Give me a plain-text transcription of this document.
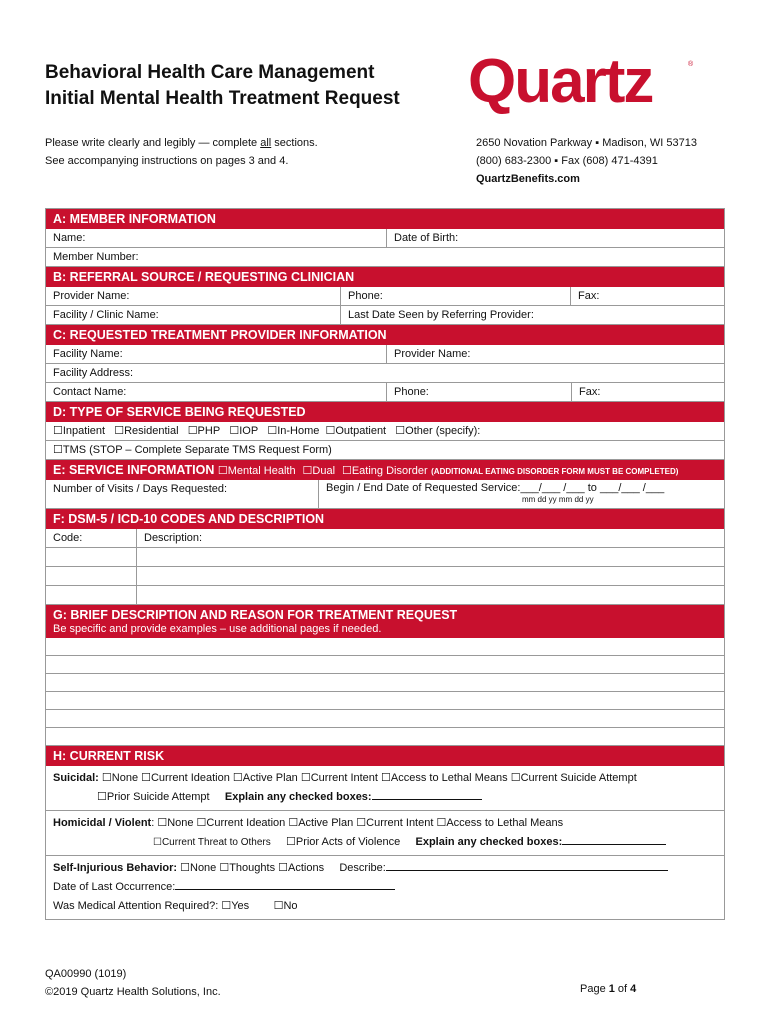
Behavioral Health Care Management
Initial Mental Health Treatment Request Quartz	®
Please write clearly and legibly — complete all sections.
See accompanying instructions on pages 3 and 4.
2650 Novation Parkway ▪ Madison, WI 53713
(800) 683-2300 ▪ Fax (608) 471-4391
QuartzBenefits.com
A: MEMBER INFORMATION
Name:	Date of Birth:
Member Number:
B: REFERRAL SOURCE / REQUESTING CLINICIAN
Provider Name:	Phone:	Fax:
Facility / Clinic Name:	Last Date Seen by Referring Provider:
C: REQUESTED TREATMENT PROVIDER INFORMATION
Facility Name:	Provider Name:
Facility Address:
Contact Name:	Phone:	Fax:
D: TYPE OF SERVICE BEING REQUESTED
☐Inpatient ☐Residential ☐PHP ☐IOP ☐In-Home ☐Outpatient ☐Other (specify):
☐TMS (STOP – Complete Separate TMS Request Form)
E: SERVICE INFORMATION ☐Mental Health ☐Dual ☐Eating Disorder (ADDITIONAL EATING DISORDER FORM MUST BE COMPLETED)
Number of Visits / Days Requested:	Begin / End Date of Requested Service:___/___ /___ to ___/___ /___
mm dd yy mm dd yy
F: DSM-5 / ICD-10 CODES AND DESCRIPTION
Code:	Description:
G: BRIEF DESCRIPTION AND REASON FOR TREATMENT REQUEST
Be specific and provide examples – use additional pages if needed.
H: CURRENT RISK
Suicidal: ☐None ☐Current Ideation ☐Active Plan ☐Current Intent ☐Access to Lethal Means ☐Current Suicide Attempt
☐Prior Suicide Attempt Explain any checked boxes:
Homicidal / Violent: ☐None ☐Current Ideation ☐Active Plan ☐Current Intent ☐Access to Lethal Means
☐Current Threat to Others ☐Prior Acts of Violence Explain any checked boxes:
Self-Injurious Behavior: ☐None ☐Thoughts ☐Actions Describe:
Date of Last Occurrence:
Was Medical Attention Required?: ☐Yes ☐No
QA00990 (1019)
©2019 Quartz Health Solutions, Inc.	Page 1 of 4
